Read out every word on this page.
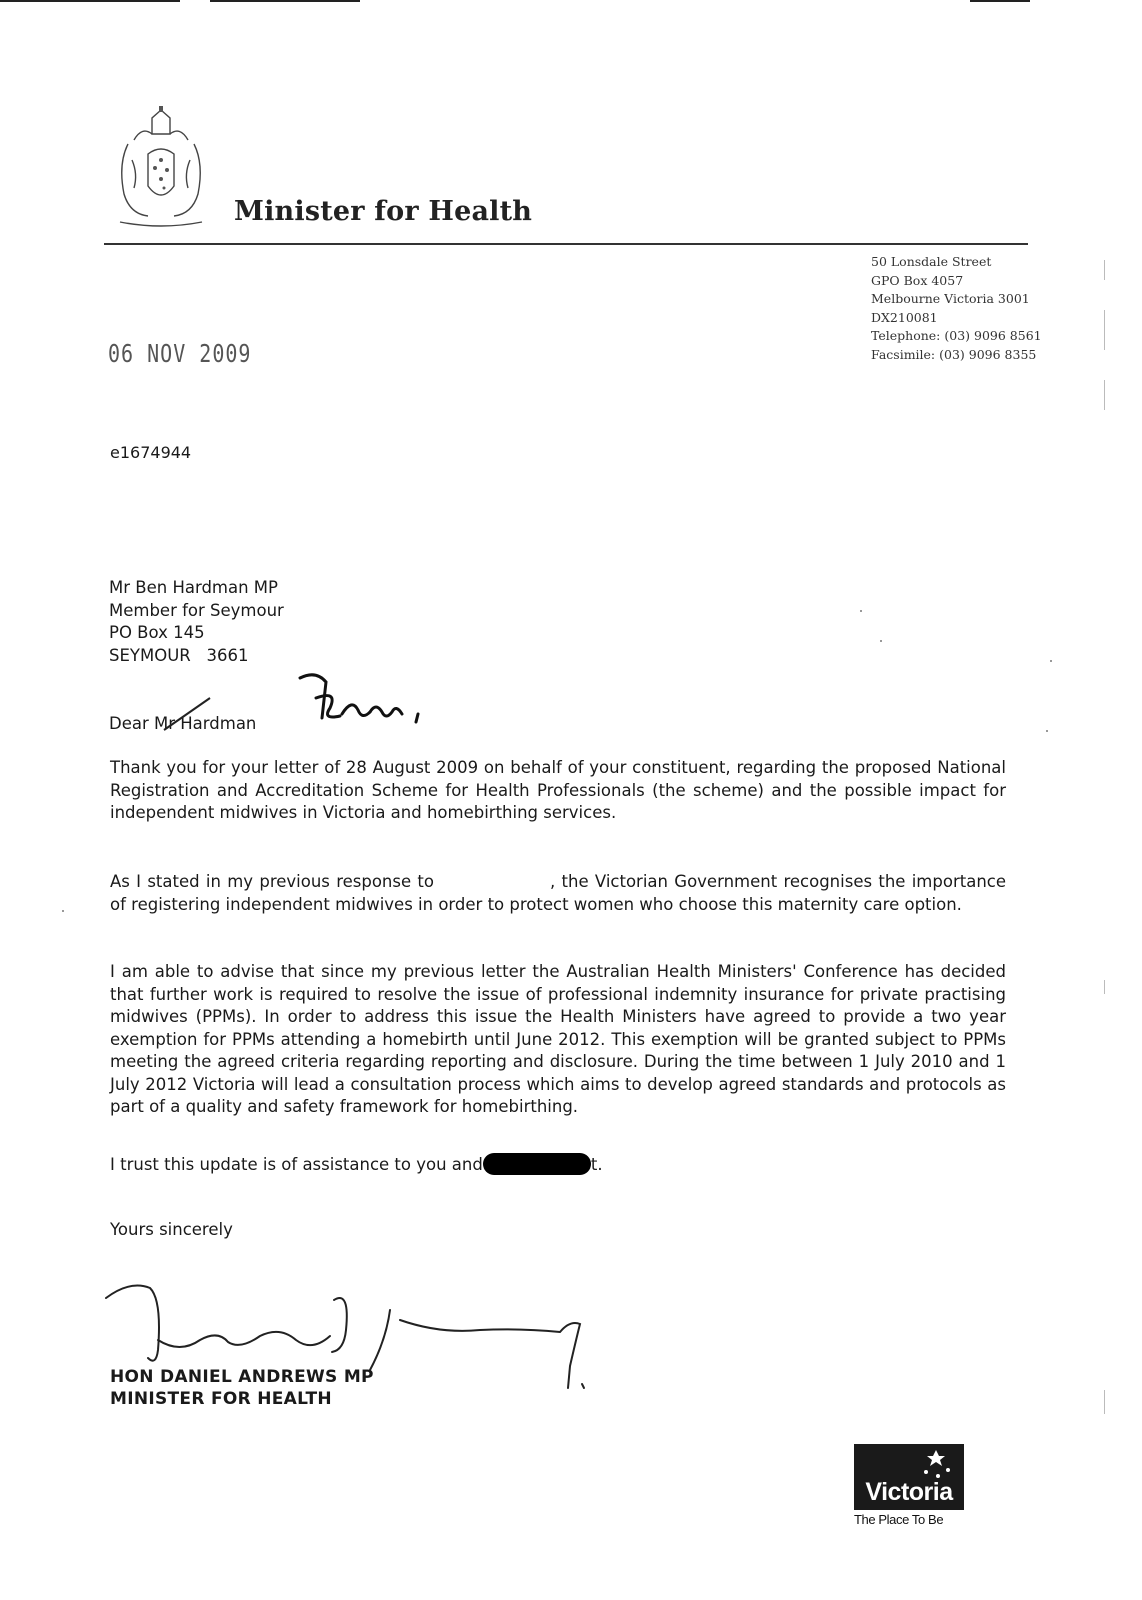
Minister for Health
50 Lonsdale Street
GPO Box 4057
Melbourne Victoria 3001
DX210081
Telephone: (03) 9096 8561
Facsimile: (03) 9096 8355
06 NOV 2009
e1674944
Mr Ben Hardman MP
Member for Seymour
PO Box 145
SEYMOUR   3661
Dear Mr Hardman
Thank you for your letter of 28 August 2009 on behalf of your constituent, regarding the proposed National Registration and Accreditation Scheme for Health Professionals (the scheme) and the possible impact for independent midwives in Victoria and homebirthing services.
As I stated in my previous response to	, the Victorian Government recognises the importance of registering independent midwives in order to protect women who choose this maternity care option.
I am able to advise that since my previous letter the Australian Health Ministers' Conference has decided that further work is required to resolve the issue of professional indemnity insurance for private practising midwives (PPMs). In order to address this issue the Health Ministers have agreed to provide a two year exemption for PPMs attending a homebirth until June 2012. This exemption will be granted subject to PPMs meeting the agreed criteria regarding reporting and disclosure. During the time between 1 July 2010 and 1 July 2012 Victoria will lead a consultation process which aims to develop agreed standards and protocols as part of a quality and safety framework for homebirthing.
I trust this update is of assistance to you and	t.
Yours sincerely
HON DANIEL ANDREWS MP
MINISTER FOR HEALTH
Victoria
The Place To Be
